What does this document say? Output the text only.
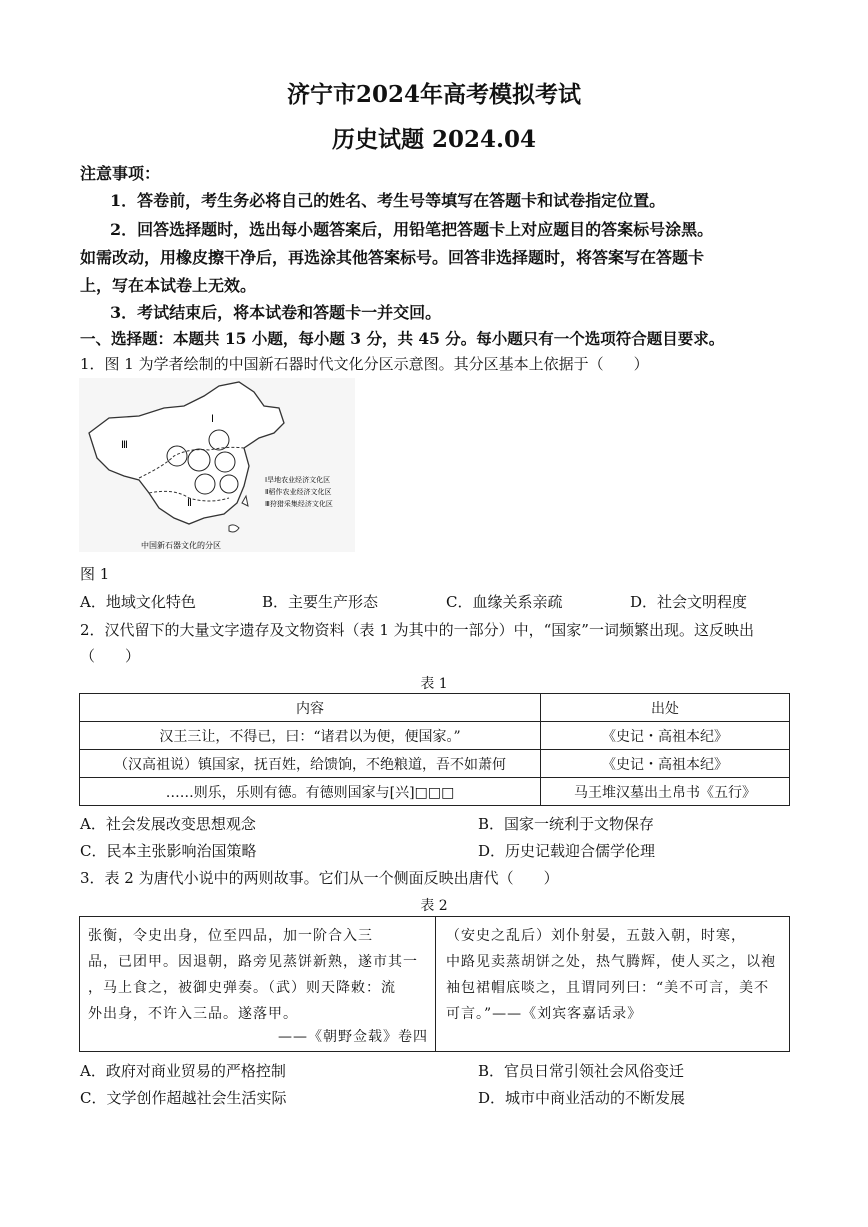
济宁市2024年高考模拟考试
历史试题 2024.04
注意事项：
1．答卷前，考生务必将自己的姓名、考生号等填写在答题卡和试卷指定位置。
2．回答选择题时，选出每小题答案后，用铅笔把答题卡上对应题目的答案标号涂黑。
如需改动，用橡皮擦干净后，再选涂其他答案标号。回答非选择题时，将答案写在答题卡
上，写在本试卷上无效。
3．考试结束后，将本试卷和答题卡一并交回。
一、选择题：本题共 15 小题，每小题 3 分，共 45 分。每小题只有一个选项符合题目要求。
1．图 1 为学者绘制的中国新石器时代文化分区示意图。其分区基本上依据于（　　）
Ⅲ
Ⅰ
Ⅱ
Ⅰ旱地农业经济文化区
Ⅱ稻作农业经济文化区
Ⅲ狩猎采集经济文化区
中国新石器文化的分区
图 1
A．地域文化特色	B．主要生产形态	C．血缘关系亲疏	D．社会文明程度
2．汉代留下的大量文字遗存及文物资料（表 1 为其中的一部分）中，“国家”一词频繁出现。这反映出
（　　）
表 1
内容	出处
汉王三让，不得已，曰：“诸君以为便，便国家。”	《史记・高祖本纪》
（汉高祖说）镇国家，抚百姓，给馈饷，不绝粮道，吾不如萧何	《史记・高祖本纪》
……则乐，乐则有德。有德则国家与[兴]□□□	马王堆汉墓出土帛书《五行》
A．社会发展改变思想观念	B．国家一统利于文物保存
C．民本主张影响治国策略	D．历史记载迎合儒学伦理
3．表 2 为唐代小说中的两则故事。它们从一个侧面反映出唐代（　　）
表 2
张衡，令史出身，位至四品，加一阶合入三
品，已团甲。因退朝，路旁见蒸饼新熟，遂市其一
，马上食之，被御史弹奏。（武）则天降敕：流
外出身，不许入三品。遂落甲。
——《朝野佥载》卷四
（安史之乱后）刘仆射晏，五鼓入朝，时寒，
中路见卖蒸胡饼之处，热气腾辉，使人买之，以袍
袖包裙帽底啖之，且谓同列曰：“美不可言，美不
可言。”——《刘宾客嘉话录》
A．政府对商业贸易的严格控制	B．官员日常引领社会风俗变迁
C．文学创作超越社会生活实际	D．城市中商业活动的不断发展
